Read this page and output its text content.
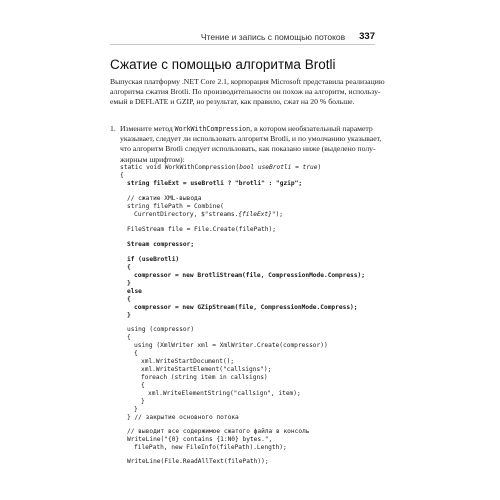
Чтение и запись с помощью потоков 337
Сжатие с помощью алгоритма Brotli
Выпуская платформу .NET Core 2.1, корпорация Microsoft представила реализацию
алгоритма сжатия Brotli. По производительности он похож на алгоритм, использу-
емый в DEFLATE и GZIP, но результат, как правило, сжат на 20 % больше.
1. Измените метод WorkWithCompression, в котором необязательный параметр
указывает, следует ли использовать алгоритм Brotli, и по умолчанию указывает,
что алгоритм Brotli следует использовать, как показано ниже (выделено полу-
жирным шрифтом):
static void WorkWithCompression(bool useBrotli = true)
{
string fileExt = useBrotli ? "brotli" : "gzip";
// сжатие XML-вывода
string filePath = Combine(
CurrentDirectory, $"streams.{fileExt}");
FileStream file = File.Create(filePath);
Stream compressor;
if (useBrotli)
{
compressor = new BrotliStream(file, CompressionMode.Compress);
}
else
{
compressor = new GZipStream(file, CompressionMode.Compress);
}
using (compressor)
{
using (XmlWriter xml = XmlWriter.Create(compressor))
{
xml.WriteStartDocument();
xml.WriteStartElement("callsigns");
foreach (string item in callsigns)
{
xml.WriteElementString("callsign", item);
}
}
} // закрытие основного потока
// выводит все содержимое сжатого файла в консоль
WriteLine("{0} contains {1:N0} bytes.",
filePath, new FileInfo(filePath).Length);
WriteLine(File.ReadAllText(filePath));
